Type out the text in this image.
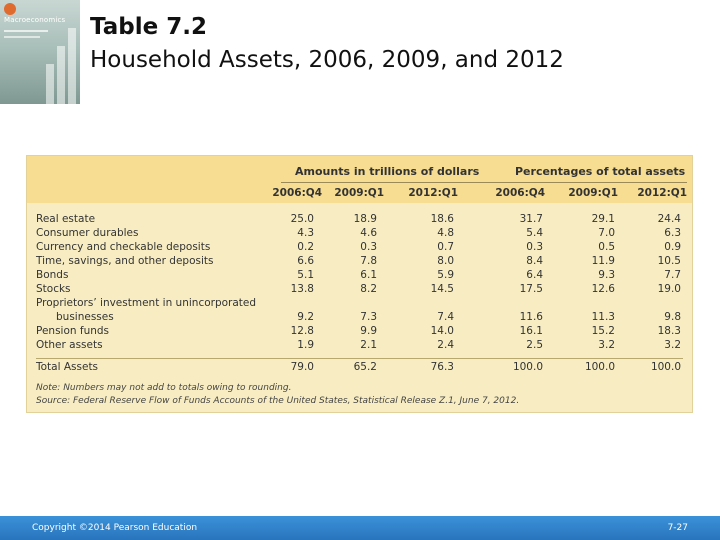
Macroeconomics Table 7.2
Household Assets, 2006, 2009, and 2012
Amounts in trillions of dollars	Percentages of total assets
2006:Q4	2009:Q1	2012:Q1	2006:Q4	2009:Q1	2012:Q1
Real estate	25.0	18.9	18.6	31.7	29.1	24.4
Consumer durables	4.3	4.6	4.8	5.4	7.0	6.3
Currency and checkable deposits	0.2	0.3	0.7	0.3	0.5	0.9
Time, savings, and other deposits	6.6	7.8	8.0	8.4	11.9	10.5
Bonds	5.1	6.1	5.9	6.4	9.3	7.7
Stocks	13.8	8.2	14.5	17.5	12.6	19.0
Proprietors’ investment in unincorporated
businesses	9.2	7.3	7.4	11.6	11.3	9.8
Pension funds	12.8	9.9	14.0	16.1	15.2	18.3
Other assets	1.9	2.1	2.4	2.5	3.2	3.2
Total Assets	79.0	65.2	76.3	100.0	100.0	100.0
Note: Numbers may not add to totals owing to rounding.
Source: Federal Reserve Flow of Funds Accounts of the United States, Statistical Release Z.1, June 7, 2012.
Copyright ©2014 Pearson Education	7-27
